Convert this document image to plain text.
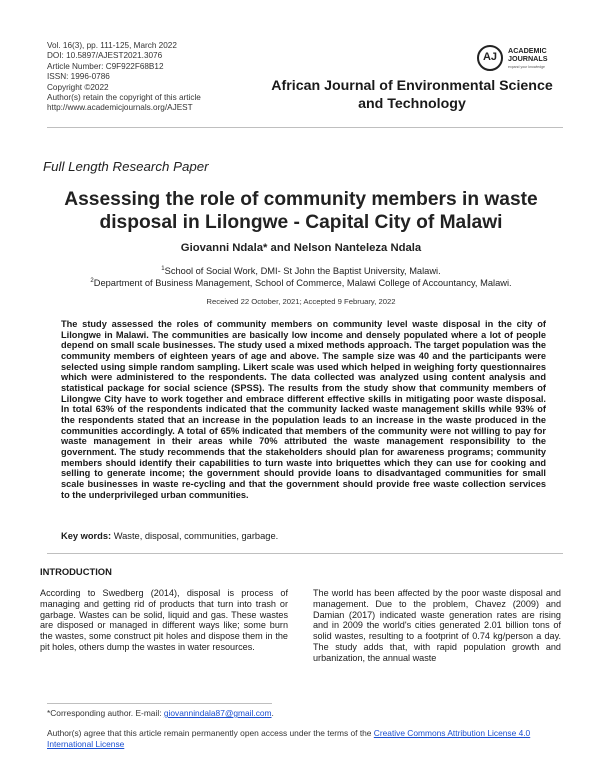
Vol. 16(3), pp. 111-125, March 2022
DOI: 10.5897/AJEST2021.3076
Article Number: C9F922F68B12
ISSN: 1996-0786
Copyright ©2022
Author(s) retain the copyright of this article
http://www.academicjournals.org/AJEST
AJ
ACADEMIC
JOURNALS
expand your knowledge
African Journal of Environmental Science and Technology
Full Length Research Paper
Assessing the role of community members in waste disposal in Lilongwe - Capital City of Malawi
Giovanni Ndala* and Nelson Nanteleza Ndala
$^1$School of Social Work, DMI- St John the Baptist University, Malawi.
$^2$Department of Business Management, School of Commerce, Malawi College of Accountancy, Malawi.
Received 22 October, 2021; Accepted 9 February, 2022

The study assessed the roles of community members on community level waste disposal in the city of Lilongwe in Malawi. The communities are basically low income and densely populated where a lot of people depend on small scale businesses. The study used a mixed methods approach. The target population was the community members of eighteen years of age and above. The sample size was 40 and the participants were selected using simple random sampling. Likert scale was used which helped in weighing forty questionnaires which were administered to the respondents. The data collected was analyzed using content analysis and statistical package for social science (SPSS). The results from the study show that community members of Lilongwe City have to work together and embrace different effective skills in mitigating poor waste disposal. In total 63% of the respondents indicated that the community lacked waste management skills while 93% of the respondents stated that an increase in the population leads to an increase in the waste produced in the communities accordingly. A total of 65% indicated that members of the community were not willing to pay for waste management in their areas while 70% attributed the waste management responsibility to the government. The study recommends that the stakeholders should plan for awareness programs; community members should identify their capabilities to turn waste into briquettes which they can use for cooking and selling to generate income; the government should provide loans to disadvantaged communities for small scale businesses in waste re-cycling and that the government should provide free waste collection services to the underprivileged urban communities.

Key words: Waste, disposal, communities, garbage.
INTRODUCTION

According to Swedberg (2014), disposal is process of managing and getting rid of products that turn into trash or garbage. Wastes can be solid, liquid and gas. These wastes are disposed or managed in different ways like; some burn the wastes, some construct pit holes and dispose them in the pit holes, others dump the wastes in water resources.

The world has been affected by the poor waste disposal and management. Due to the problem, Chavez (2009) and Damian (2017) indicated waste generation rates are rising and in 2009 the world's cities generated 2.01 billion tons of solid wastes, resulting to a footprint of 0.74 kg/person a day. The study adds that, with rapid population growth and urbanization, the annual waste

*Corresponding author. E-mail: giovannindala87@gmail.com.
Author(s) agree that this article remain permanently open access under the terms of the Creative Commons Attribution License 4.0 International License
